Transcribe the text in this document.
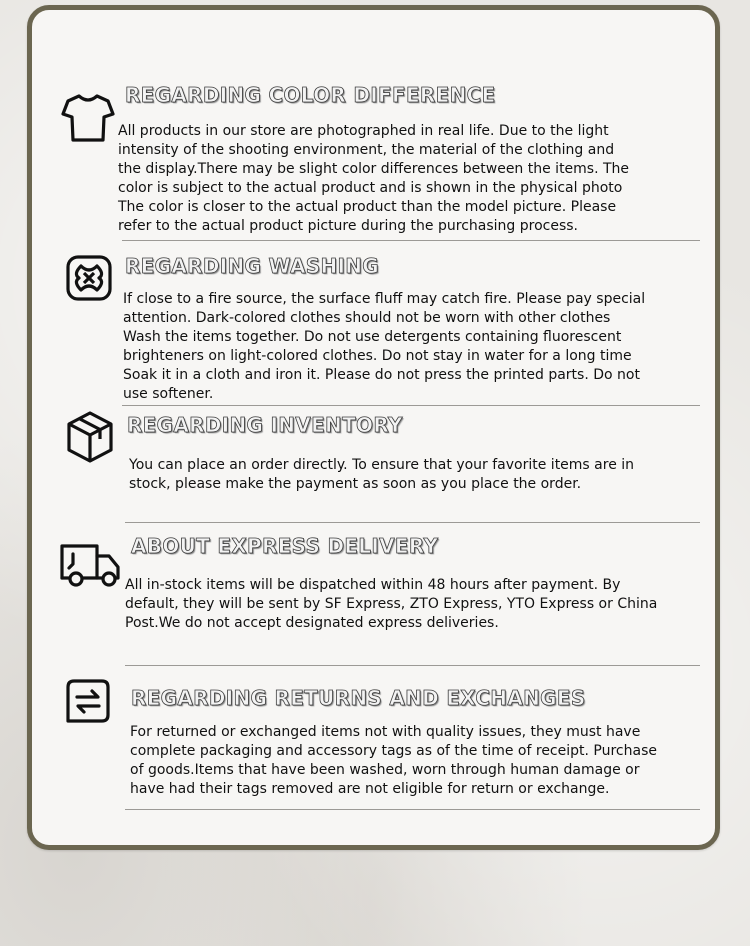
REGARDING COLOR DIFFERENCE

All products in our store are photographed in real life. Due to the light
intensity of the shooting environment, the material of the clothing and
the display.There may be slight color differences between the items. The
color is subject to the actual product and is shown in the physical photo
The color is closer to the actual product than the model picture. Please
refer to the actual product picture during the purchasing process.

REGARDING WASHING

If close to a fire source, the surface fluff may catch fire. Please pay special
attention. Dark-colored clothes should not be worn with other clothes
Wash the items together. Do not use detergents containing fluorescent
brighteners on light-colored clothes. Do not stay in water for a long time
Soak it in a cloth and iron it. Please do not press the printed parts. Do not
use softener.

REGARDING INVENTORY

You can place an order directly. To ensure that your favorite items are in
stock, please make the payment as soon as you place the order.

ABOUT EXPRESS DELIVERY

All in-stock items will be dispatched within 48 hours after payment. By
default, they will be sent by SF Express, ZTO Express, YTO Express or China
Post.We do not accept designated express deliveries.

REGARDING RETURNS AND EXCHANGES

For returned or exchanged items not with quality issues, they must have
complete packaging and accessory tags as of the time of receipt. Purchase
of goods.Items that have been washed, worn through human damage or
have had their tags removed are not eligible for return or exchange.
